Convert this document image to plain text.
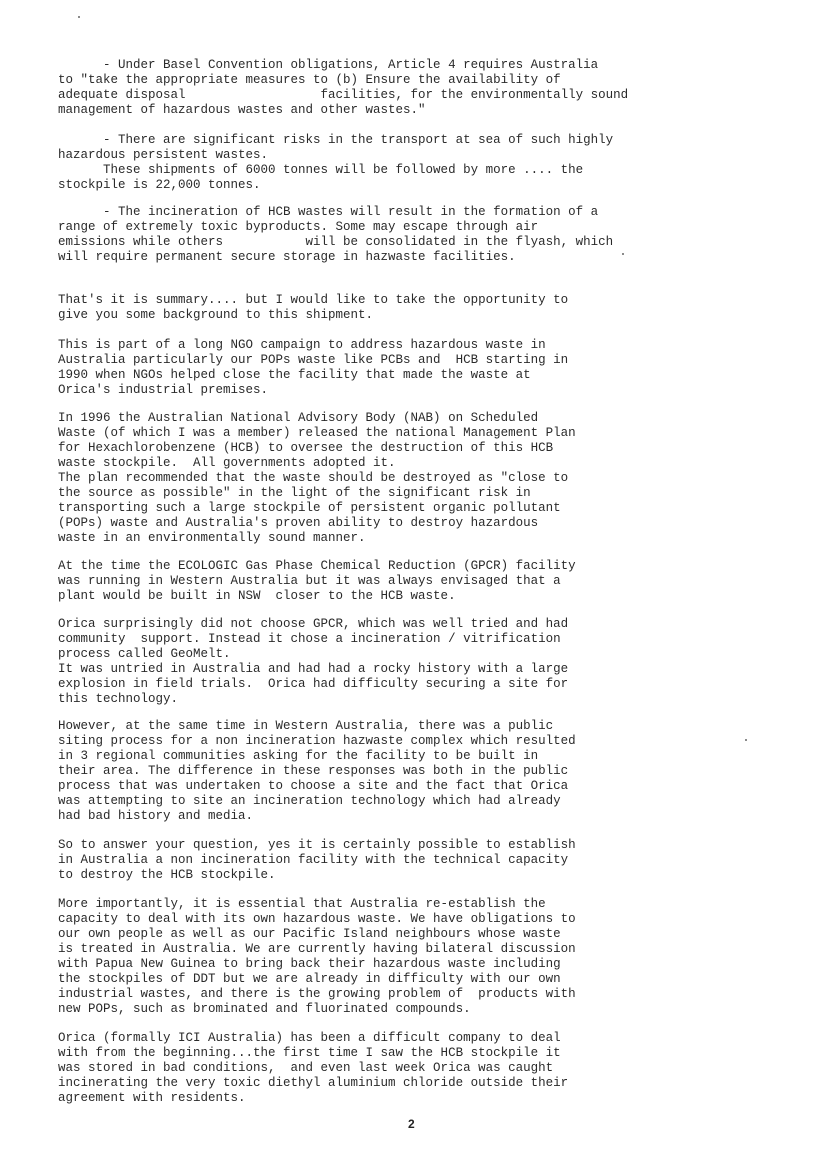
- Under Basel Convention obligations, Article 4 requires Australia
to "take the appropriate measures to (b) Ensure the availability of
adequate disposal                  facilities, for the environmentally sound
management of hazardous wastes and other wastes."

- There are significant risks in the transport at sea of such highly
hazardous persistent wastes.
These shipments of 6000 tonnes will be followed by more .... the
stockpile is 22,000 tonnes.

- The incineration of HCB wastes will result in the formation of a
range of extremely toxic byproducts. Some may escape through air
emissions while others           will be consolidated in the flyash, which
will require permanent secure storage in hazwaste facilities.

That's it is summary.... but I would like to take the opportunity to
give you some background to this shipment.

This is part of a long NGO campaign to address hazardous waste in
Australia particularly our POPs waste like PCBs and  HCB starting in
1990 when NGOs helped close the facility that made the waste at
Orica's industrial premises.

In 1996 the Australian National Advisory Body (NAB) on Scheduled
Waste (of which I was a member) released the national Management Plan
for Hexachlorobenzene (HCB) to oversee the destruction of this HCB
waste stockpile.  All governments adopted it.
The plan recommended that the waste should be destroyed as "close to
the source as possible" in the light of the significant risk in
transporting such a large stockpile of persistent organic pollutant
(POPs) waste and Australia's proven ability to destroy hazardous
waste in an environmentally sound manner.

At the time the ECOLOGIC Gas Phase Chemical Reduction (GPCR) facility
was running in Western Australia but it was always envisaged that a
plant would be built in NSW  closer to the HCB waste.

Orica surprisingly did not choose GPCR, which was well tried and had
community  support. Instead it chose a incineration / vitrification
process called GeoMelt.
It was untried in Australia and had had a rocky history with a large
explosion in field trials.  Orica had difficulty securing a site for
this technology.

However, at the same time in Western Australia, there was a public
siting process for a non incineration hazwaste complex which resulted
in 3 regional communities asking for the facility to be built in
their area. The difference in these responses was both in the public
process that was undertaken to choose a site and the fact that Orica
was attempting to site an incineration technology which had already
had bad history and media.

So to answer your question, yes it is certainly possible to establish
in Australia a non incineration facility with the technical capacity
to destroy the HCB stockpile.

More importantly, it is essential that Australia re-establish the
capacity to deal with its own hazardous waste. We have obligations to
our own people as well as our Pacific Island neighbours whose waste
is treated in Australia. We are currently having bilateral discussion
with Papua New Guinea to bring back their hazardous waste including
the stockpiles of DDT but we are already in difficulty with our own
industrial wastes, and there is the growing problem of  products with
new POPs, such as brominated and fluorinated compounds.

Orica (formally ICI Australia) has been a difficult company to deal
with from the beginning...the first time I saw the HCB stockpile it
was stored in bad conditions,  and even last week Orica was caught
incinerating the very toxic diethyl aluminium chloride outside their
agreement with residents.

2
